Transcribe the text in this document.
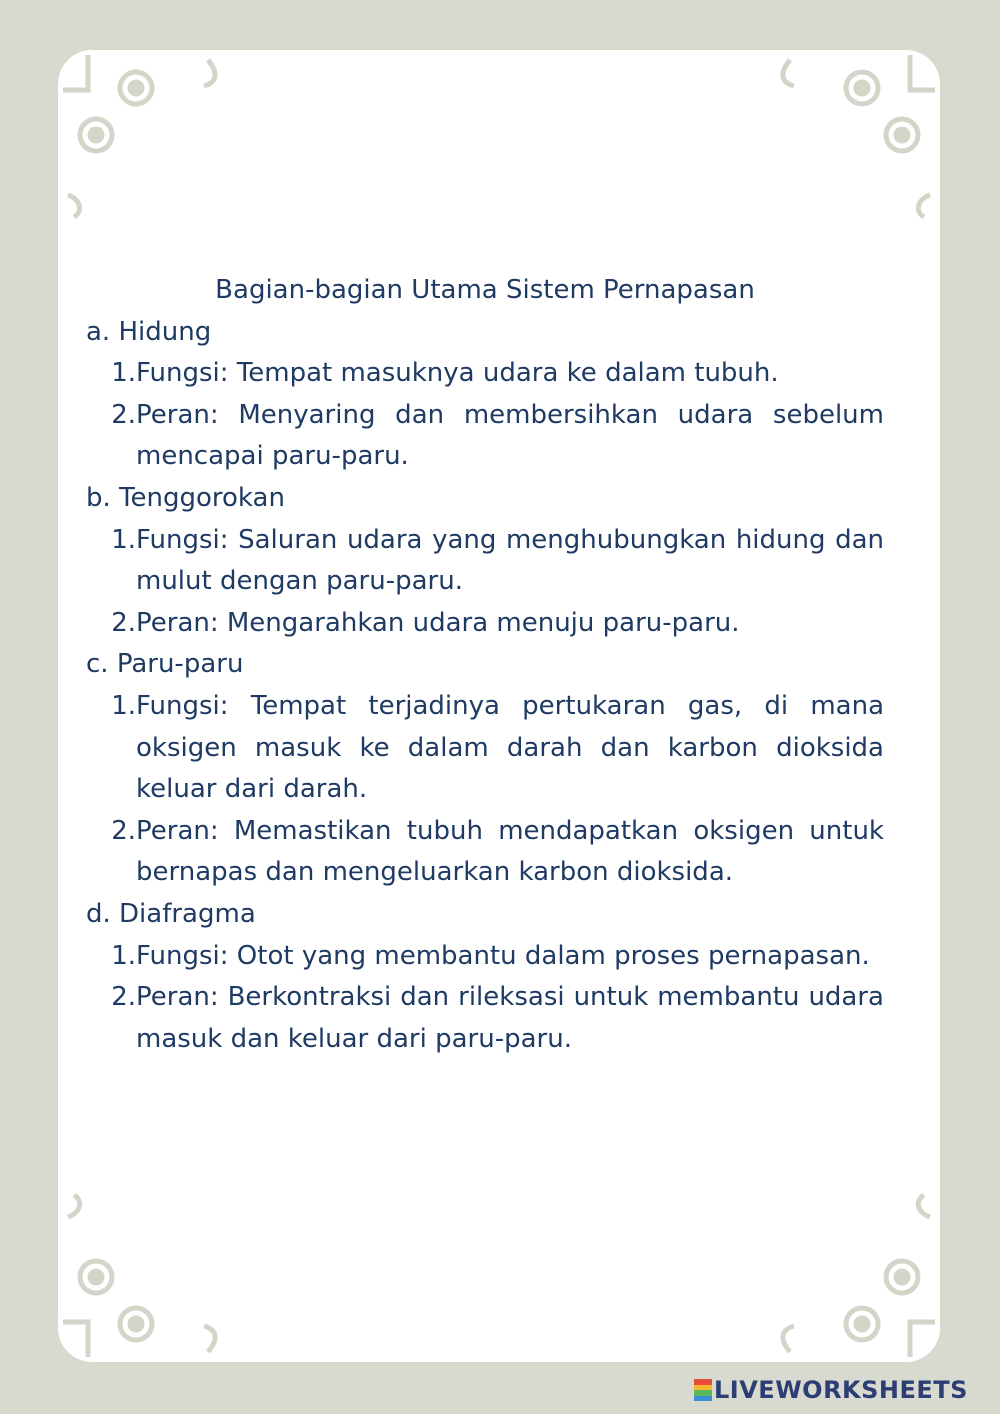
Bagian-bagian Utama Sistem Pernapasan
a. Hidung
1. Fungsi: Tempat masuknya udara ke dalam tubuh.
2. Peran: Menyaring dan membersihkan udara sebelum mencapai paru-paru.
b. Tenggorokan
1. Fungsi: Saluran udara yang menghubungkan hidung dan mulut dengan paru-paru.
2. Peran: Mengarahkan udara menuju paru-paru.
c. Paru-paru
1. Fungsi: Tempat terjadinya pertukaran gas, di mana oksigen masuk ke dalam darah dan karbon dioksida keluar dari darah.
2. Peran: Memastikan tubuh mendapatkan oksigen untuk bernapas dan mengeluarkan karbon dioksida.
d. Diafragma
1. Fungsi: Otot yang membantu dalam proses pernapasan.
2. Peran: Berkontraksi dan rileksasi untuk membantu udara masuk dan keluar dari paru-paru.
LIVEWORKSHEETS
